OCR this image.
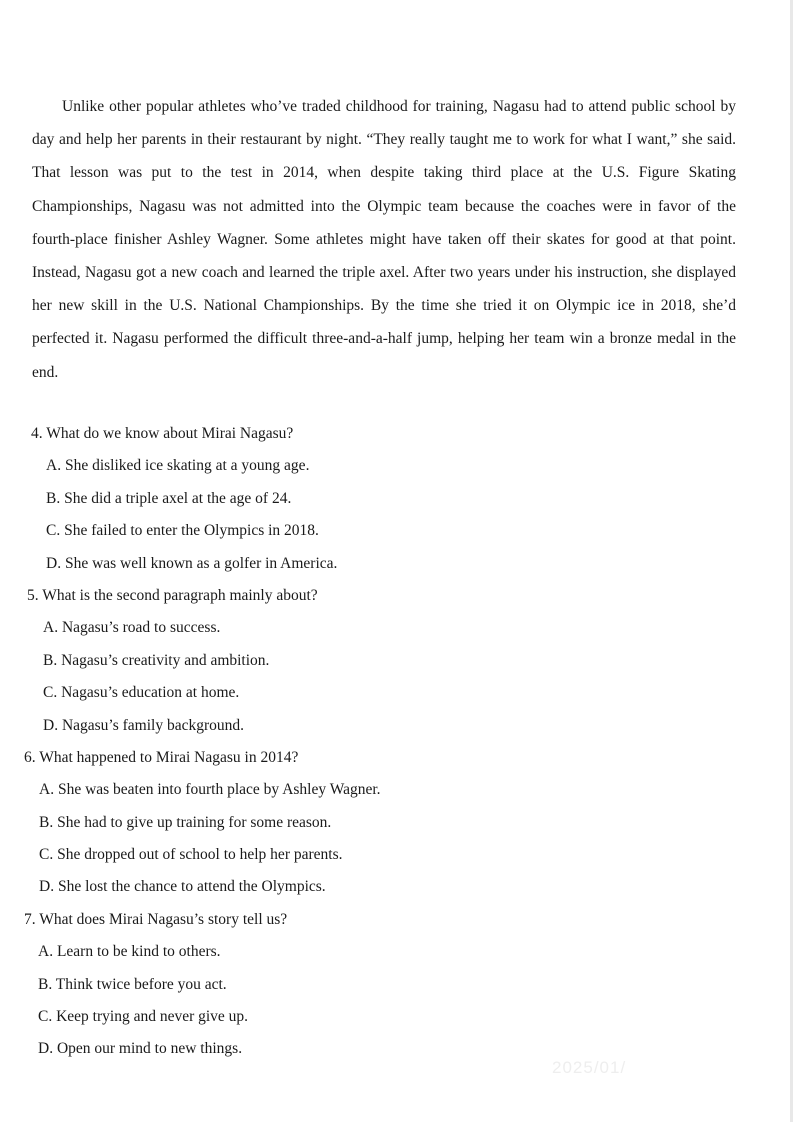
Unlike other popular athletes who’ve traded childhood for training, Nagasu had to attend public school by day and help her parents in their restaurant by night. “They really taught me to work for what I want,” she said. That lesson was put to the test in 2014, when despite taking third place at the U.S. Figure Skating Championships, Nagasu was not admitted into the Olympic team because the coaches were in favor of the fourth-place finisher Ashley Wagner. Some athletes might have taken off their skates for good at that point. Instead, Nagasu got a new coach and learned the triple axel. After two years under his instruction, she displayed her new skill in the U.S. National Championships. By the time she tried it on Olympic ice in 2018, she’d perfected it. Nagasu performed the difficult three-and-a-half jump, helping her team win a bronze medal in the end.

4. What do we know about Mirai Nagasu?

A. She disliked ice skating at a young age.

B. She did a triple axel at the age of 24.

C. She failed to enter the Olympics in 2018.

D. She was well known as a golfer in America.

5. What is the second paragraph mainly about?

A. Nagasu’s road to success.

B. Nagasu’s creativity and ambition.

C. Nagasu’s education at home.

D. Nagasu’s family background.

6. What happened to Mirai Nagasu in 2014?

A. She was beaten into fourth place by Ashley Wagner.

B. She had to give up training for some reason.

C. She dropped out of school to help her parents.

D. She lost the chance to attend the Olympics.

7. What does Mirai Nagasu’s story tell us?

A. Learn to be kind to others.

B. Think twice before you act.

C. Keep trying and never give up.

D. Open our mind to new things.

2025/01/
